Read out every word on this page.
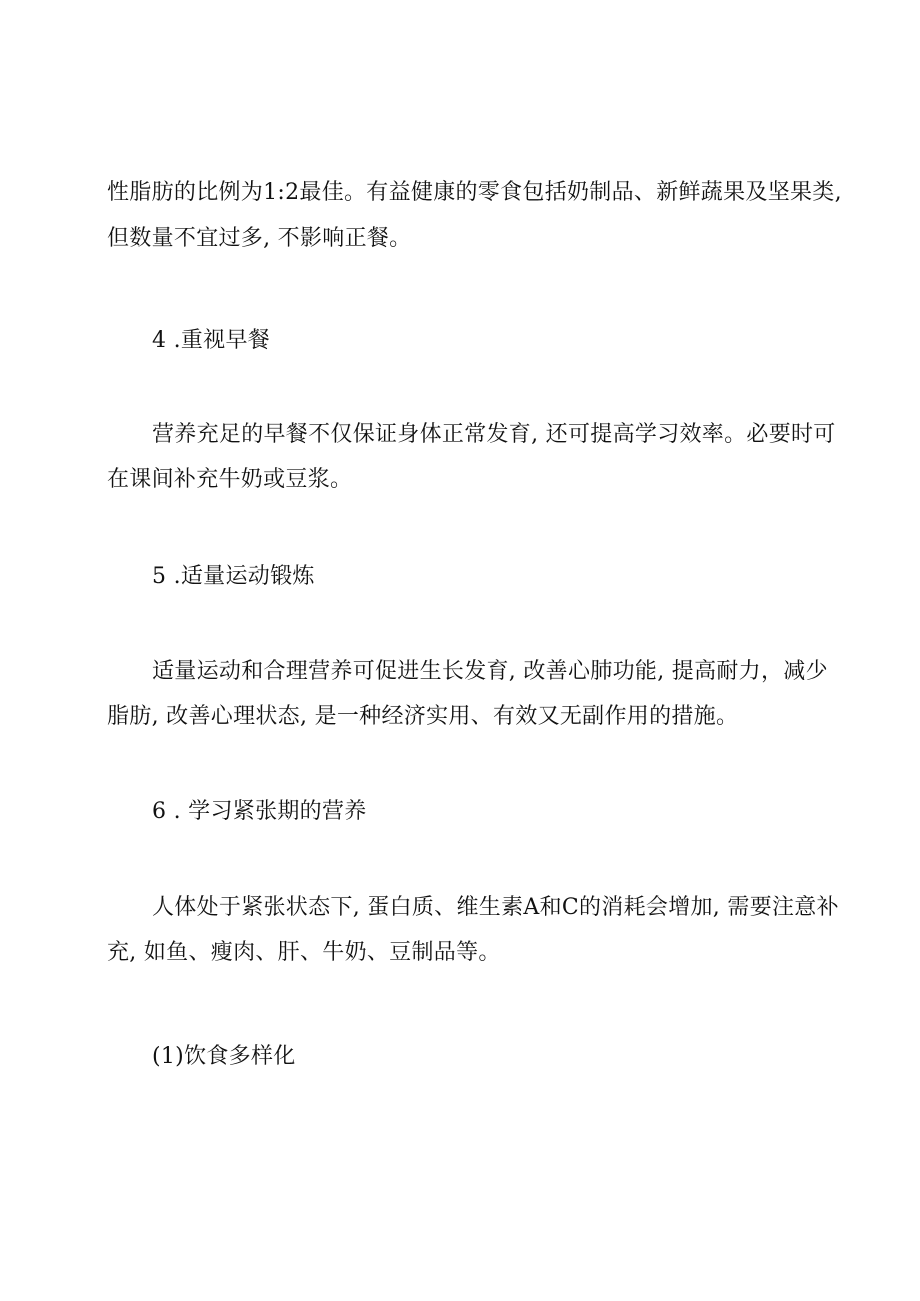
性脂肪的比例为1:2最佳。有益健康的零食包括奶制品、新鲜蔬果及坚果类,
但数量不宜过多, 不影响正餐。
4 .重视早餐
营养充足的早餐不仅保证身体正常发育, 还可提高学习效率。必要时可
在课间补充牛奶或豆浆。
5 .适量运动锻炼
适量运动和合理营养可促进生长发育, 改善心肺功能, 提高耐力，减少
脂肪, 改善心理状态, 是一种经济实用、有效又无副作用的措施。
6 . 学习紧张期的营养
人体处于紧张状态下, 蛋白质、维生素A和C的消耗会增加, 需要注意补
充, 如鱼、瘦肉、肝、牛奶、豆制品等。
(1)饮食多样化
